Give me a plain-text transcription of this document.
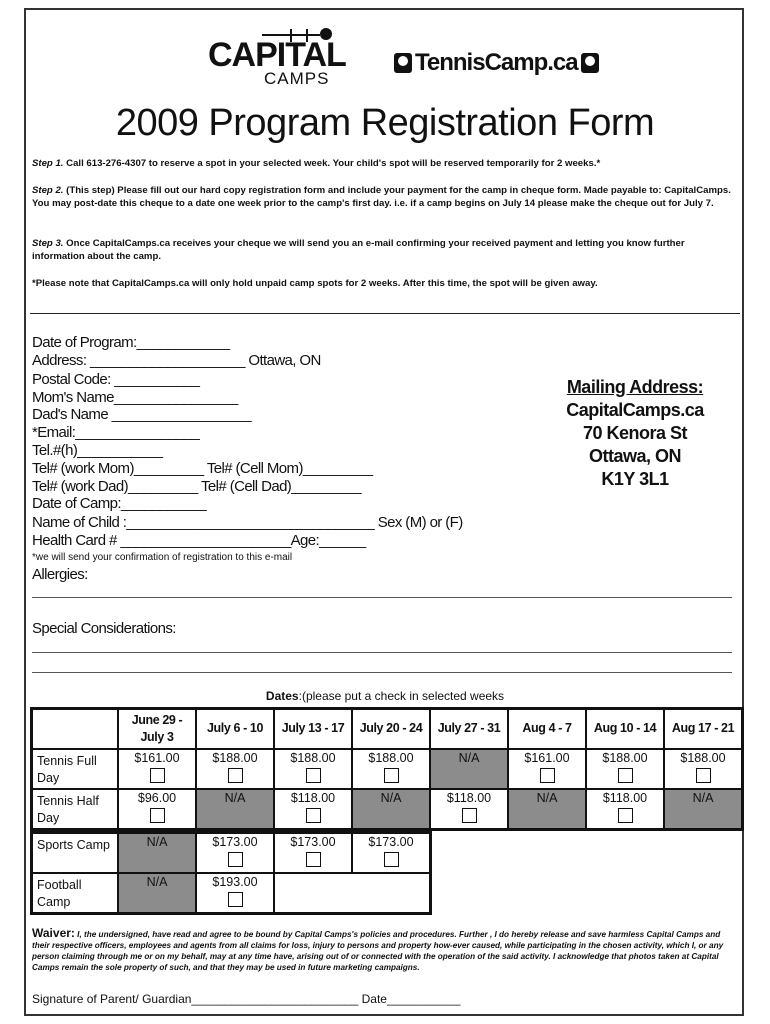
CAPITAL
CAMPS
TennisCamp.ca
2009 Program Registration Form
Step 1. Call 613-276-4307 to reserve a spot in your selected week. Your child's spot will be reserved temporarily for 2 weeks.*
Step 2. (This step) Please fill out our hard copy registration form and include your payment for the camp in cheque form. Made payable to: CapitalCamps. You may post-date this cheque to a date one week prior to the camp's first day. i.e. if a camp begins on July 14 please make the cheque out for July 7.
Step 3. Once CapitalCamps.ca receives your cheque we will send you an e-mail confirming your received payment and letting you know further information about the camp.
*Please note that CapitalCamps.ca will only hold unpaid camp spots for 2 weeks. After this time, the spot will be given away.
Date of Program:____________
Address: ____________________ Ottawa, ON
Postal Code: ___________
Mom's Name________________
Dad's Name __________________
*Email:________________
Tel.#(h)___________
Tel# (work Mom)_________ Tel# (Cell Mom)_________
Tel# (work Dad)_________ Tel# (Cell Dad)_________
Date of Camp:___________
Name of Child :________________________________ Sex (M) or (F)
Health Card # ______________________Age:______
*we will send your confirmation of registration to this e-mail
Allergies:
Special Considerations:
Mailing Address:
CapitalCamps.ca
70 Kenora St
Ottawa, ON
K1Y 3L1
Dates:(please put a check in selected weeks
	June 29 - July 3	July 6 - 10	July 13 - 17	July 20 - 24	July 27 - 31	Aug 4 - 7	Aug 10 - 14	Aug 17 - 21
Tennis Full Day	$161.00	$188.00	$188.00	$188.00	N/A	$161.00	$188.00	$188.00

Tennis Half Day	$96.00	N/A	$118.00	N/A	$118.00	N/A	$118.00	N/A
Sports Camp	N/A	$173.00	$173.00	$173.00

Football Camp	N/A	$193.00		
Waiver: I, the undersigned, have read and agree to be bound by Capital Camps's policies and procedures. Further , I do hereby release and save harmless Capital Camps and their respective officers, employees and agents from all claims for loss, injury to persons and property how-ever caused, while participating in the chosen activity, which I, or any person claiming through me or on my behalf, may at any time have, arising out of or connected with the operation of the said activity. I acknowledge that photos taken at Capital Camps remain the sole property of such, and that they may be used in future marketing campaigns.
Signature of Parent/ Guardian_________________________ Date___________
